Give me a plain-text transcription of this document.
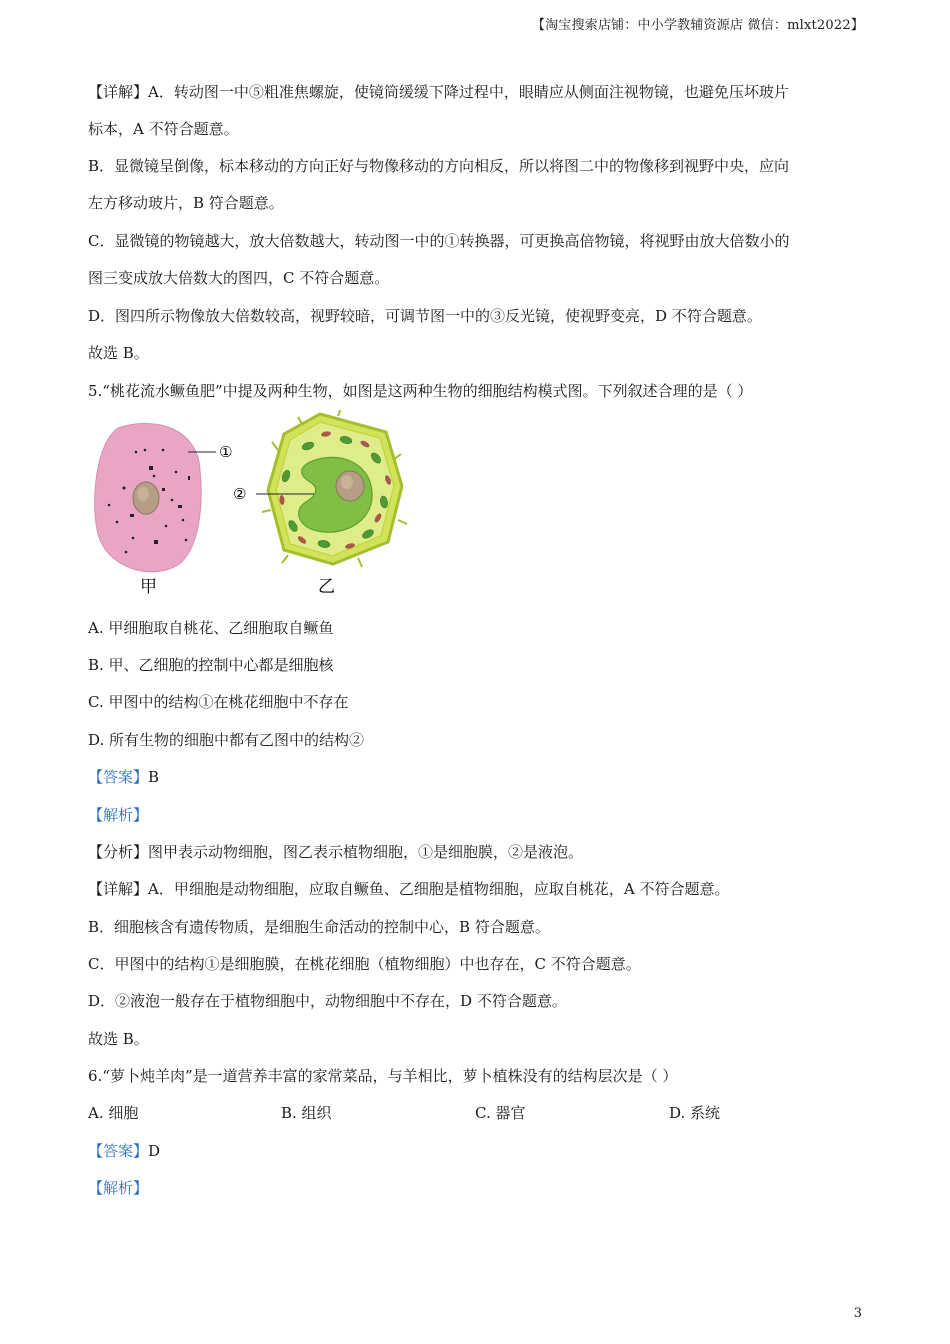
【淘宝搜索店铺：中小学教辅资源店 微信：mlxt2022】
【详解】A．转动图一中⑤粗准焦螺旋，使镜筒缓缓下降过程中，眼睛应从侧面注视物镜，也避免压坏玻片
标本，A 不符合题意。
B．显微镜呈倒像，标本移动的方向正好与物像移动的方向相反，所以将图二中的物像移到视野中央，应向
左方移动玻片，B 符合题意。
C．显微镜的物镜越大，放大倍数越大，转动图一中的①转换器，可更换高倍物镜，将视野由放大倍数小的
图三变成放大倍数大的图四，C 不符合题意。
D．图四所示物像放大倍数较高，视野较暗，可调节图一中的③反光镜，使视野变亮，D 不符合题意。
故选 B。
5.“桃花流水鳜鱼肥”中提及两种生物，如图是这两种生物的细胞结构模式图。下列叙述合理的是（ ）
①
甲
②
乙
A. 甲细胞取自桃花、乙细胞取自鳜鱼
B. 甲、乙细胞的控制中心都是细胞核
C. 甲图中的结构①在桃花细胞中不存在
D. 所有生物的细胞中都有乙图中的结构②
【答案】B
【解析】
【分析】图甲表示动物细胞，图乙表示植物细胞，①是细胞膜，②是液泡。
【详解】A．甲细胞是动物细胞，应取自鳜鱼、乙细胞是植物细胞，应取自桃花，A 不符合题意。
B．细胞核含有遗传物质，是细胞生命活动的控制中心，B 符合题意。
C．甲图中的结构①是细胞膜，在桃花细胞（植物细胞）中也存在，C 不符合题意。
D．②液泡一般存在于植物细胞中，动物细胞中不存在，D 不符合题意。
故选 B。
6.“萝卜炖羊肉”是一道营养丰富的家常菜品，与羊相比，萝卜植株没有的结构层次是（ ）
A. 细胞	B. 组织	C. 器官	D. 系统
【答案】D
【解析】
3
